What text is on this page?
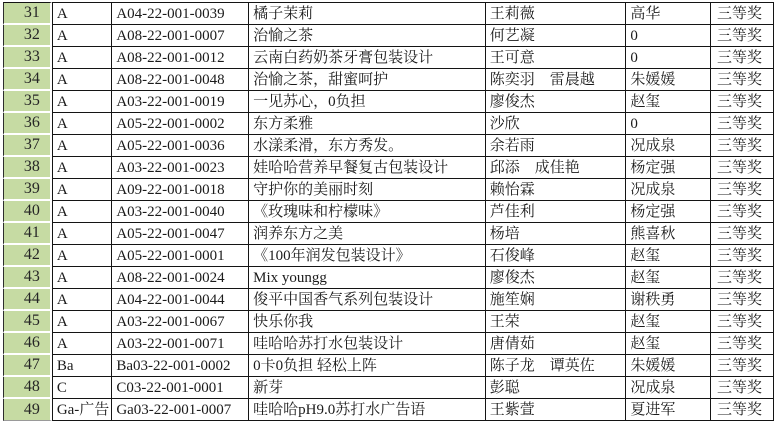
31	A	A04-22-001-0039	橘子茉莉	王莉薇	高华	三等奖
32	A	A08-22-001-0007	治愉之茶	何艺凝	0	三等奖
33	A	A08-22-001-0012	云南白药奶茶牙膏包装设计	王可意	0	三等奖
34	A	A08-22-001-0048	治愉之茶，甜蜜呵护	陈奕羽　雷晨越	朱媛媛	三等奖
35	A	A03-22-001-0019	一见苏心，0负担	廖俊杰	赵玺	三等奖
36	A	A05-22-001-0002	东方柔雅	沙欣	0	三等奖
37	A	A05-22-001-0036	水漾柔滑，东方秀发。	余若雨	况成泉	三等奖
38	A	A03-22-001-0023	娃哈哈营养早餐复古包装设计	邱添　成佳艳	杨定强	三等奖
39	A	A09-22-001-0018	守护你的美丽时刻	赖怡霖	况成泉	三等奖
40	A	A03-22-001-0040	《玫瑰味和柠檬味》	芦佳利	杨定强	三等奖
41	A	A05-22-001-0047	润养东方之美	杨培	熊喜秋	三等奖
42	A	A05-22-001-0001	《100年润发包装设计》	石俊峰	赵玺	三等奖
43	A	A08-22-001-0024	Mix youngg	廖俊杰	赵玺	三等奖
44	A	A04-22-001-0044	俊平中国香气系列包装设计	施笙娴	谢秩勇	三等奖
45	A	A03-22-001-0067	快乐你我	王荣	赵玺	三等奖
46	A	A03-22-001-0071	哇哈哈苏打水包装设计	唐倩茹	赵玺	三等奖
47	Ba	Ba03-22-001-0002	0卡0负担 轻松上阵	陈子龙　谭英佐	朱媛媛	三等奖
48	C	C03-22-001-0001	新芽	彭聪	况成泉	三等奖
49	Ga-广告	Ga03-22-001-0007	哇哈哈pH9.0苏打水广告语	王紫萱	夏进军	三等奖
